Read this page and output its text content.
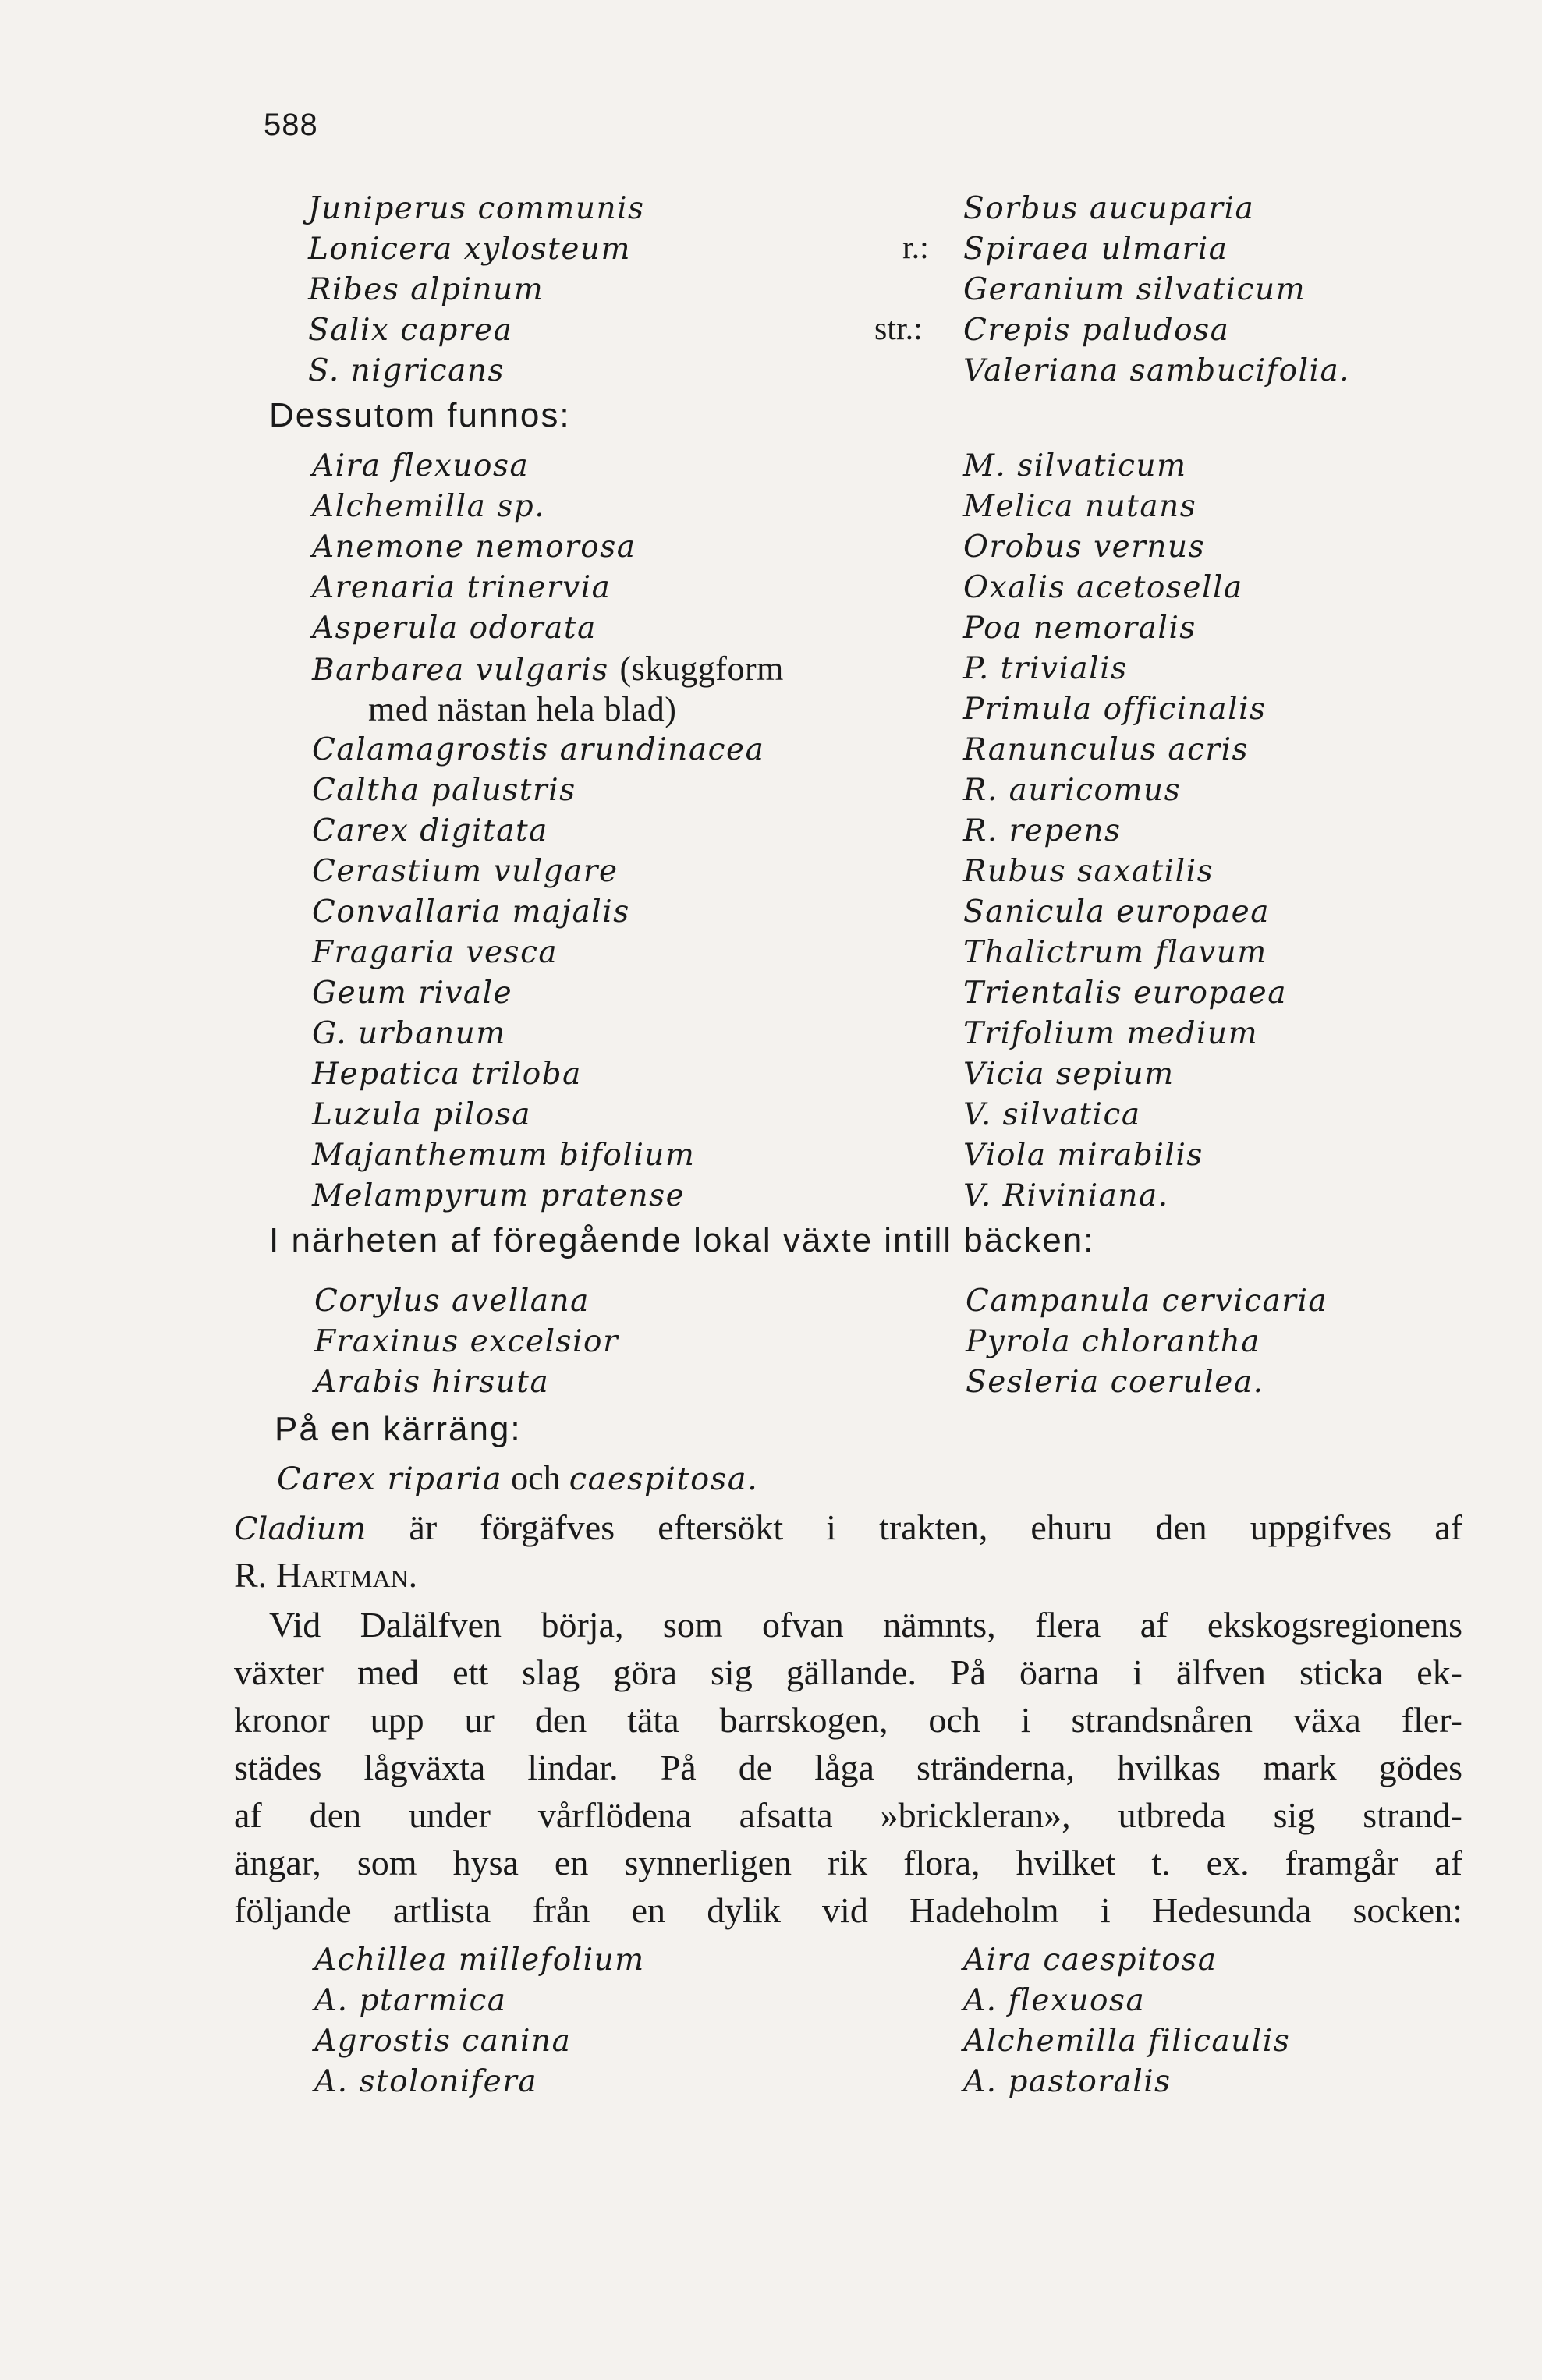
588
Juniperus communis
Lonicera xylosteum
Ribes alpinum
Salix caprea
S. nigricans
r.:
str.:
Sorbus aucuparia
Spiraea ulmaria
Geranium silvaticum
Crepis paludosa
Valeriana sambucifolia.
Dessutom funnos:
Aira flexuosa
Alchemilla sp.
Anemone nemorosa
Arenaria trinervia
Asperula odorata
Barbarea vulgaris (skuggform
med nästan hela blad)
Calamagrostis arundinacea
Caltha palustris
Carex digitata
Cerastium vulgare
Convallaria majalis
Fragaria vesca
Geum rivale
G. urbanum
Hepatica triloba
Luzula pilosa
Majanthemum bifolium
Melampyrum pratense
M. silvaticum
Melica nutans
Orobus vernus
Oxalis acetosella
Poa nemoralis
P. trivialis
Primula officinalis
Ranunculus acris
R. auricomus
R. repens
Rubus saxatilis
Sanicula europaea
Thalictrum flavum
Trientalis europaea
Trifolium medium
Vicia sepium
V. silvatica
Viola mirabilis
V. Riviniana.
I närheten af föregående lokal växte intill bäcken:
Corylus avellana
Fraxinus excelsior
Arabis hirsuta
Campanula cervicaria
Pyrola chlorantha
Sesleria coerulea.
På en kärräng:
Carex riparia och caespitosa.
Cladium är förgäfves eftersökt i trakten, ehuru den uppgifves af
R. Hartman.
Vid Dalälfven börja, som ofvan nämnts, flera af ekskogsregionens
växter med ett slag göra sig gällande. På öarna i älfven sticka ek-
kronor upp ur den täta barrskogen, och i strandsnåren växa fler-
städes lågväxta lindar. På de låga stränderna, hvilkas mark gödes
af den under vårflödena afsatta »brickleran», utbreda sig strand-
ängar, som hysa en synnerligen rik flora, hvilket t. ex. framgår af
följande artlista från en dylik vid Hadeholm i Hedesunda socken:
Achillea millefolium
A. ptarmica
Agrostis canina
A. stolonifera
Aira caespitosa
A. flexuosa
Alchemilla filicaulis
A. pastoralis
